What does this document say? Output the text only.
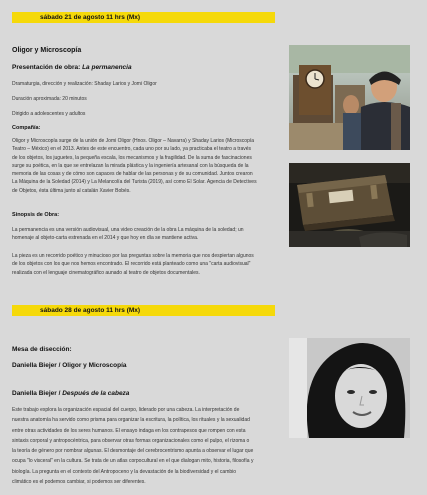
sábado 21 de agosto 11 hrs (Mx)
Oligor y Microscopía
Presentación de obra: La permanencia
Dramaturgia, dirección y realización: Shaday Larios y Jomi Oligor
Duración aproximada: 20 minutos
Dirigido a adolescentes y adultos
Compañía:
Oligor y Microscopía surge de la unión de Jomi Oligor (Hnos. Oligor – Navarra) y Shaday Larios (Microscopía
Teatro – México) en el 2013. Antes de este encuentro, cada uno por su lado, ya practicaba el teatro a través
de los objetos, los juguetes, la pequeña escala, los mecanismos y la fragilidad. De la suma de fascinaciones
surge su poética, en la que se entrelazan la mirada plástica y la ingeniería artesanal con la búsqueda de la
memoria de las cosas y de cómo son capaces de hablar de las personas y de su comunidad. Juntos crearon
La Máquina de la Soledad (2014) y La Melancolía del Turista (2019), así como El Solar. Agencia de Detectives
de Objetos, ésta última junto al catalán Xavier Bobés.
Sinopsis de Obra:
La permanencia es una versión audiovisual, una video creación de la obra La máquina de la soledad; un
homenaje al objeto-carta estrenada en el 2014 y que hoy en día se mantiene activa.
La pieza es un recorrido poético y minucioso por las preguntas sobre la memoria que nos despiertan algunos
de los objetos con los que nos hemos encontrado. El recorrido está planteado como una "carta audiovisual"
realizada con el lenguaje cinematográfico aunado al teatro de objetos documentales.
sábado 28 de agosto 11 hrs (Mx)
Mesa de disección:
Daniella Biejer / Oligor y Microscopía
Daniella Biejer / Después de la cabeza
Este trabajo explora la organización espacial del cuerpo, liderado por una cabeza. La interpretación de
nuestra anatomía ha servido como prisma para organizar la escritura, la política, los rituales y la sexualidad
entre otras actividades de los seres humanos. El ensayo indaga en los contrapesos que rompen con esta
sintaxis corporal y antropocéntrica, para observar otras formas organizacionales como el pulpo, el rizoma o
la teoría de género por nombrar algunas. El desmontaje del cerebrocentrismo apunta a observar el lugar que
ocupa "lo visceral" en la cultura. Se trata de un atlas corpocultural en el que dialogan mito, historia, filosofía y
biología. La pregunta en el contexto del Antropoceno y la devastación de la biodiversidad y el cambio
climático es el podemos cambiar, si podemos ser diferentes.
